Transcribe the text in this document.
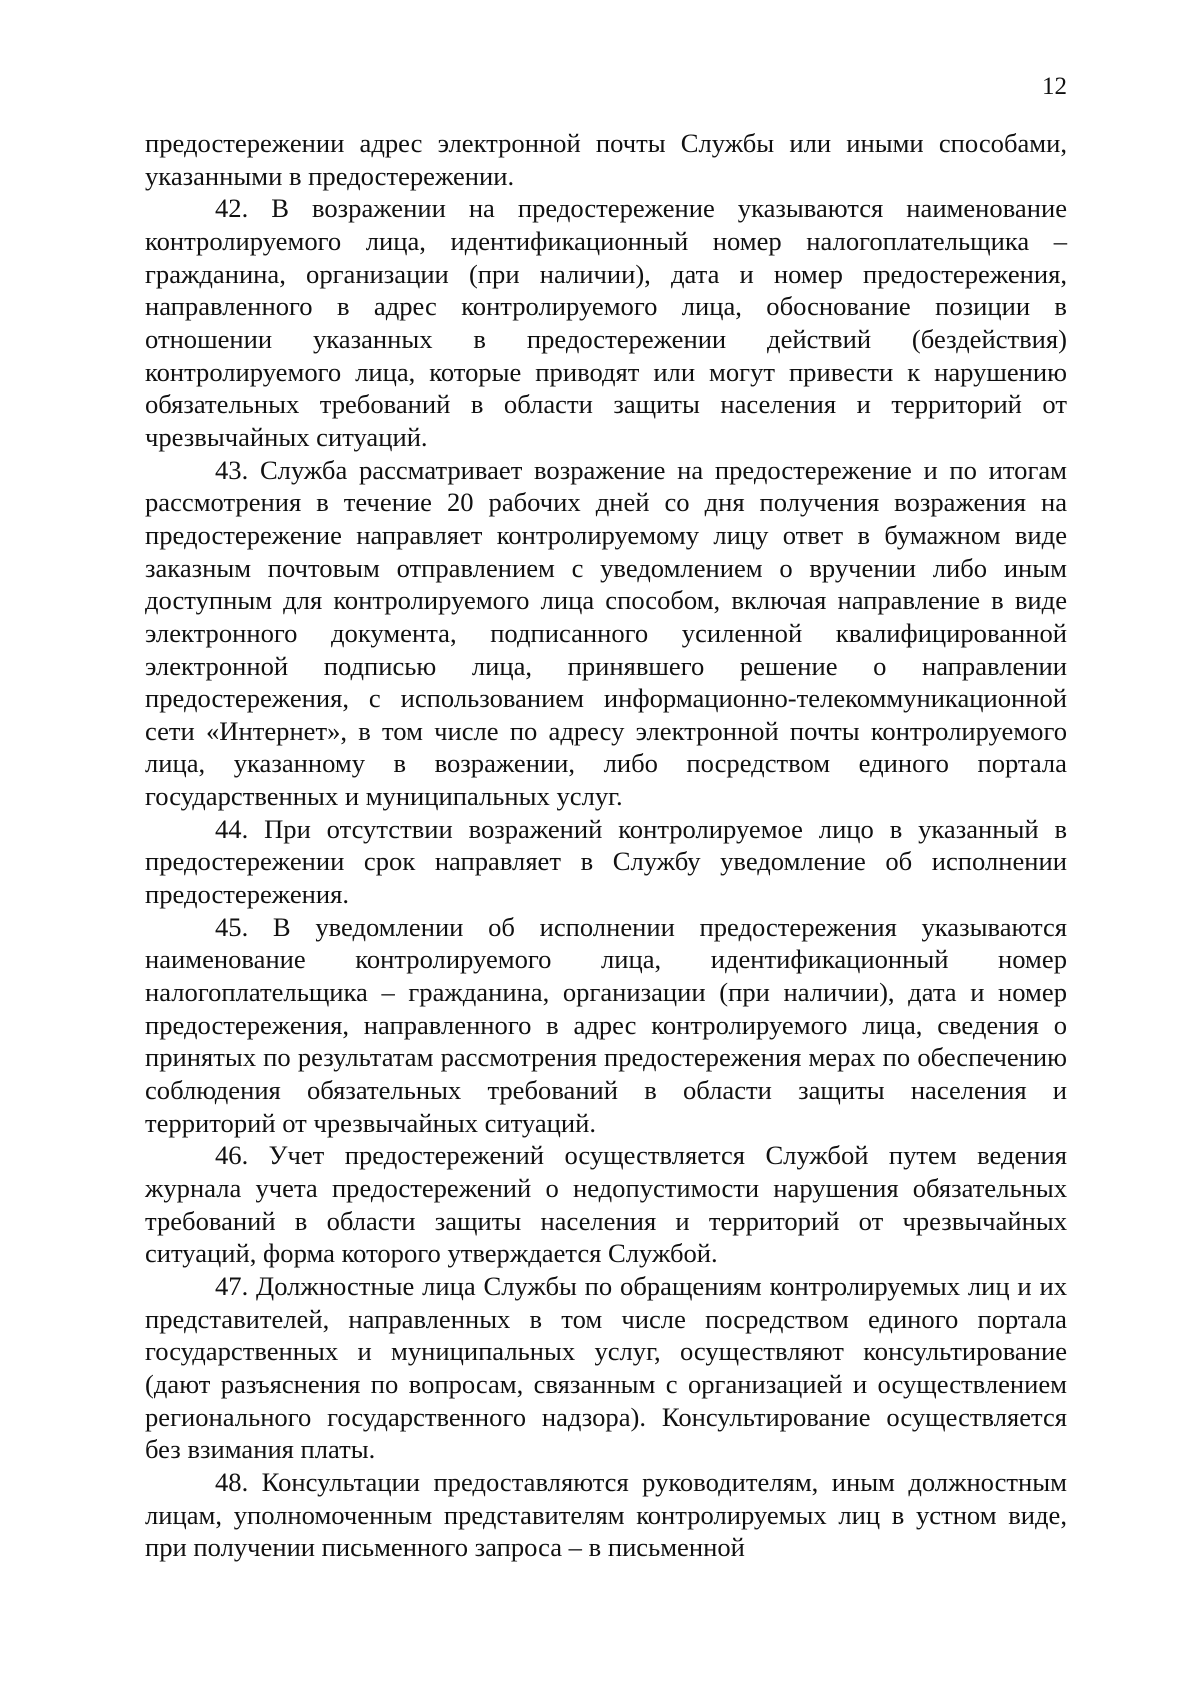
12

предостережении адрес электронной почты Службы или иными способами, указанными в предостережении.

42. В возражении на предостережение указываются наименование контролируемого лица, идентификационный номер налогоплательщика – гражданина, организации (при наличии), дата и номер предостережения, направленного в адрес контролируемого лица, обоснование позиции в отношении указанных в предостережении действий (бездействия) контролируемого лица, которые приводят или могут привести к нарушению обязательных требований в области защиты населения и территорий от чрезвычайных ситуаций.

43. Служба рассматривает возражение на предостережение и по итогам рассмотрения в течение 20 рабочих дней со дня получения возражения на предостережение направляет контролируемому лицу ответ в бумажном виде заказным почтовым отправлением с уведомлением о вручении либо иным доступным для контролируемого лица способом, включая направление в виде электронного документа, подписанного усиленной квалифицированной электронной подписью лица, принявшего решение о направлении предостережения, с использованием информационно-телекоммуникационной сети «Интернет», в том числе по адресу электронной почты контролируемого лица, указанному в возражении, либо посредством единого портала государственных и муниципальных услуг.

44. При отсутствии возражений контролируемое лицо в указанный в предостережении срок направляет в Службу уведомление об исполнении предостережения.

45. В уведомлении об исполнении предостережения указываются наименование контролируемого лица, идентификационный номер налогоплательщика – гражданина, организации (при наличии), дата и номер предостережения, направленного в адрес контролируемого лица, сведения о принятых по результатам рассмотрения предостережения мерах по обеспечению соблюдения обязательных требований в области защиты населения и территорий от чрезвычайных ситуаций.

46. Учет предостережений осуществляется Службой путем ведения журнала учета предостережений о недопустимости нарушения обязательных требований в области защиты населения и территорий от чрезвычайных ситуаций, форма которого утверждается Службой.

47. Должностные лица Службы по обращениям контролируемых лиц и их представителей, направленных в том числе посредством единого портала государственных и муниципальных услуг, осуществляют консультирование (дают разъяснения по вопросам, связанным с организацией и осуществлением регионального государственного надзора). Консультирование осуществляется без взимания платы.

48. Консультации предоставляются руководителям, иным должностным лицам, уполномоченным представителям контролируемых лиц в устном виде, при получении письменного запроса – в письменной
